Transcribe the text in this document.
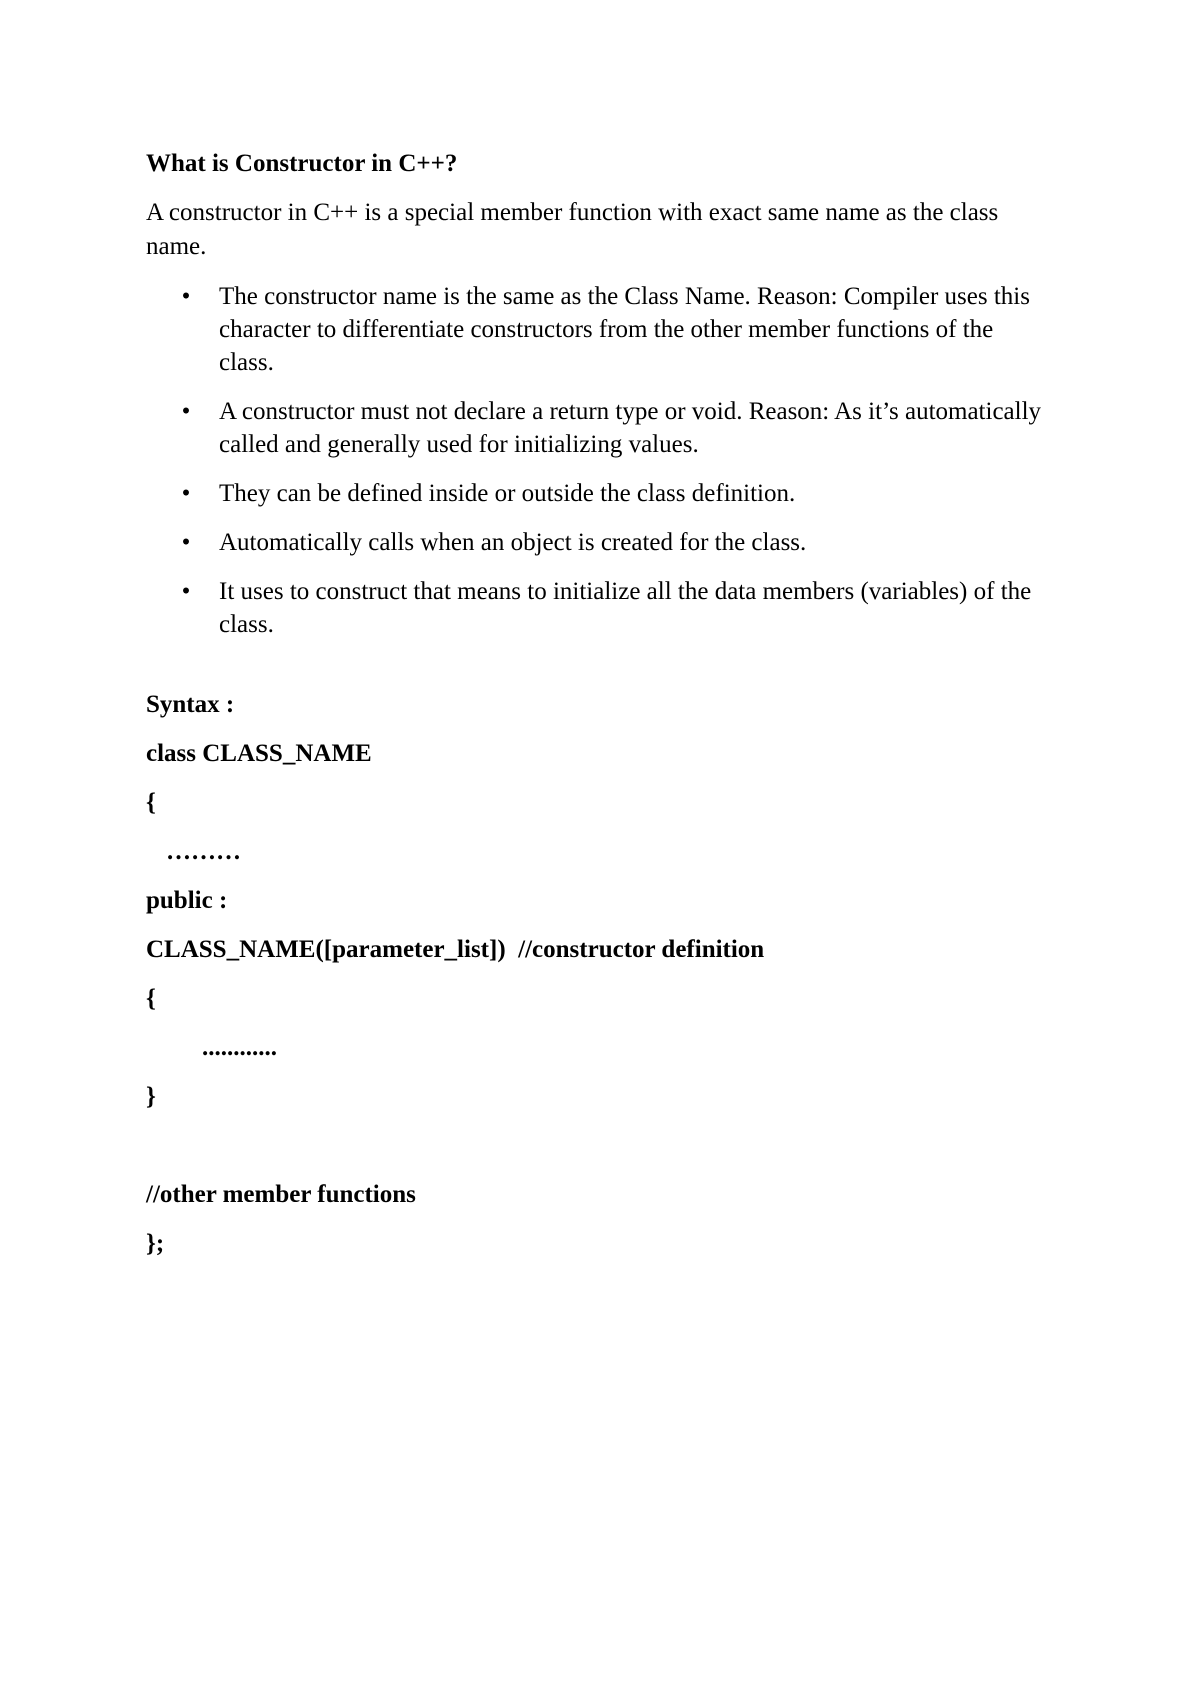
What is Constructor in C++?

A constructor in C++ is a special member function with exact same name as the class name.

• The constructor name is the same as the Class Name. Reason: Compiler uses this character to differentiate constructors from the other member functions of the class.
• A constructor must not declare a return type or void. Reason: As it’s automatically called and generally used for initializing values.
• They can be defined inside or outside the class definition.
• Automatically calls when an object is created for the class.
• It uses to construct that means to initialize all the data members (variables) of the class.

Syntax :

class CLASS_NAME

{

………

public :

CLASS_NAME([parameter_list])  //constructor definition

{

............

}

//other member functions

};
